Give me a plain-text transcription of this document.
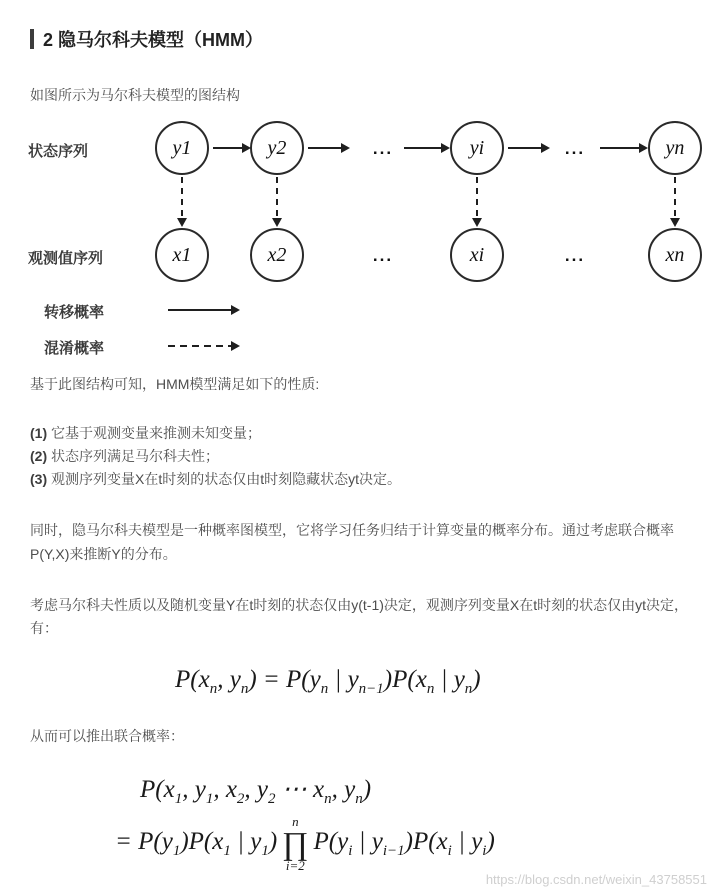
2 隐马尔科夫模型（HMM）

如图所示为马尔科夫模型的图结构

状态序列
观测值序列
y1	y2	...	yi	...	yn
x1	x2	...	xi	...	xn
转移概率
混淆概率

基于此图结构可知，HMM模型满足如下的性质:

(1) 它基于观测变量来推测未知变量；

(2) 状态序列满足马尔科夫性；

(3) 观测序列变量X在t时刻的状态仅由t时刻隐藏状态yt决定。

同时，隐马尔科夫模型是一种概率图模型，它将学习任务归结于计算变量的概率分布。通过考虑联合概率P(Y,X)来推断Y的分布。

考虑马尔科夫性质以及随机变量Y在t时刻的状态仅由y(t-1)决定，观测序列变量X在t时刻的状态仅由yt决定，有：

$P(x_n$, $y_n) = P(y_n$ | $y_{n-1})P(x_n$ | $y_n$)

从而可以推出联合概率：

$P(x_1$, $y_1$, $x_2$, $y_2$ ⋯ $x_n$, $y_n$)
= $P(y_1)P(x_1$ | $y_1$)
n
∏
i=2
$P(y_i$ | $y_{i-1})P(x_i$ | $y_i$)
https://blog.csdn.net/weixin_43758551
